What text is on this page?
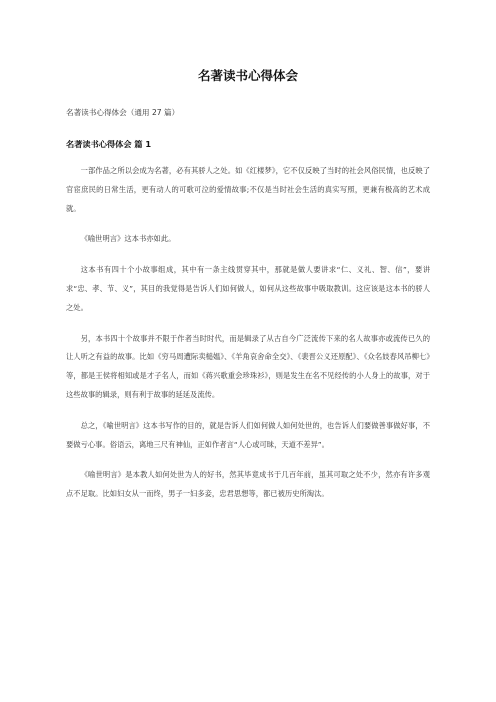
名著读书心得体会
名著读书心得体会（通用 27 篇）
名著读书心得体会 篇 1

一部作品之所以会成为名著，必有其骄人之处。如《红楼梦》，它不仅反映了当时的社会风俗民情，也反映了官宦庶民的日常生活，更有动人的可歌可泣的爱情故事;不仅是当时社会生活的真实写照，更兼有极高的艺术成就。

《喻世明言》这本书亦如此。

这本书有四十个小故事组成，其中有一条主线贯穿其中，那就是做人要讲求“仁、义礼、智、信”，要讲求“忠、孝、节、义”，其目的我觉得是告诉人们如何做人，如何从这些故事中吸取教训。这应该是这本书的骄人之处。

另，本书四十个故事并不限于作者当时时代，而是辑录了从古自今广泛流传下来的名人故事亦或流传已久的让人听之有益的故事。比如《穷马周遭际卖槌媪》、《羊角哀舍命全交》、《裴晋公义还原配》、《众名妓春风吊柳七》等，都是王侯将相知或是才子名人，而如《蒋兴歌重会珍珠衫》，则是发生在名不见经传的小人身上的故事，对于这些故事的辑录，则有利于故事的延延及流传。

总之，《喻世明言》这本书写作的目的，就是告诉人们如何做人如何处世的，也告诉人们要做善事做好事，不要做亏心事。俗语云，离地三尺有神仙，正如作者言“人心或可昧，天道不差异”。

《喻世明言》是本教人如何处世为人的好书，然其毕竟成书于几百年前，虽其可取之处不少，然亦有许多观点不足取。比如妇女从一而终，男子一妇多妾，忠君思想等，都已被历史所淘汰。
